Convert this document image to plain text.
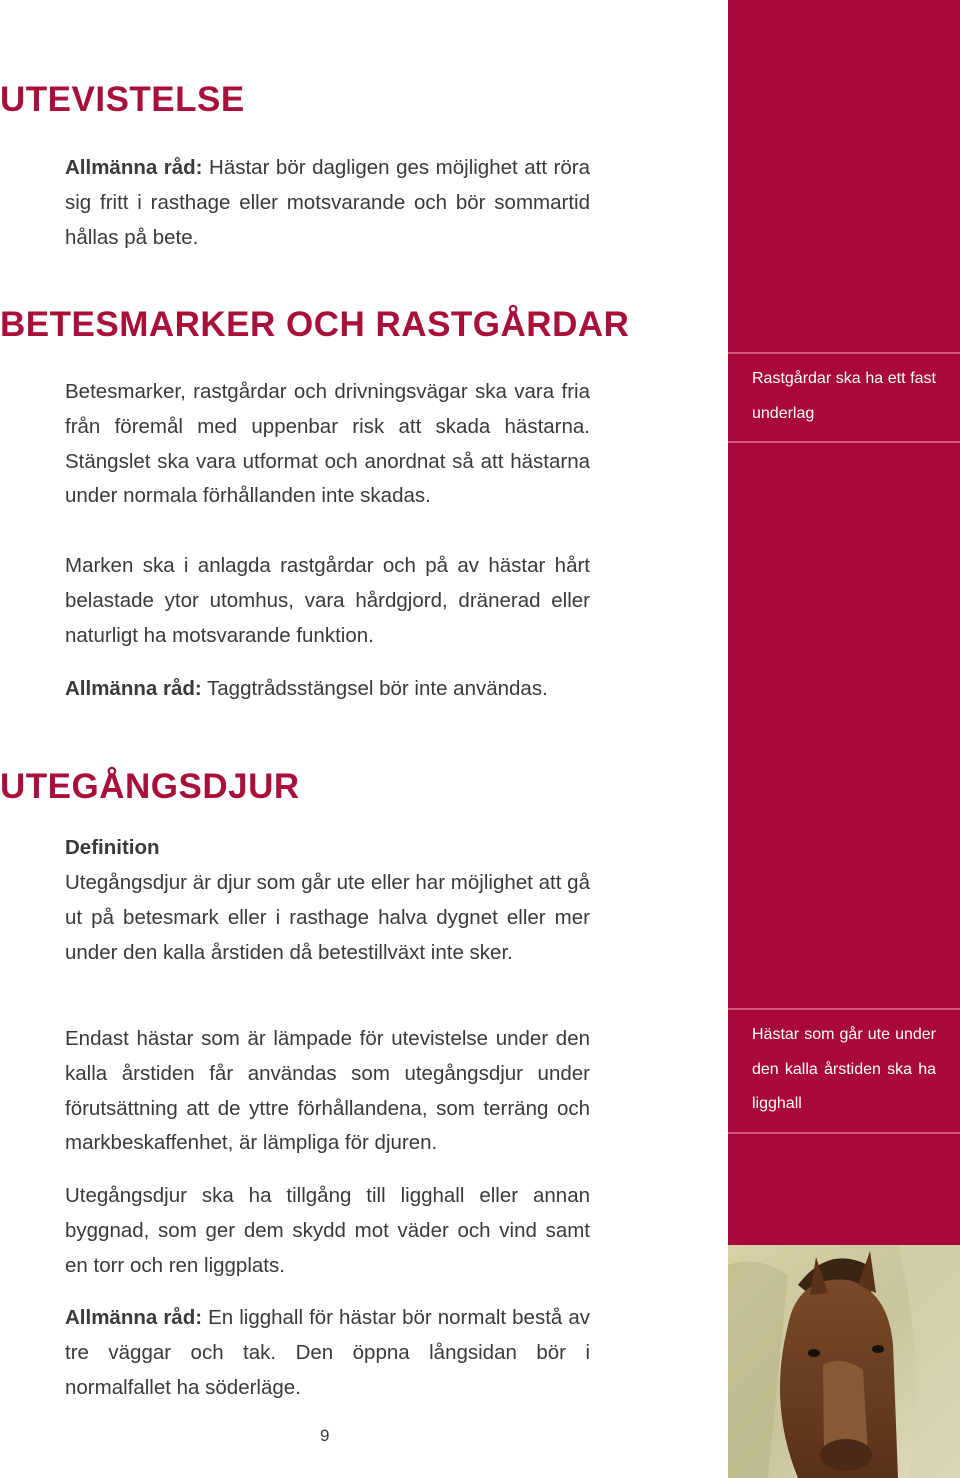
UTEVISTELSE
Allmänna råd: Hästar bör dagligen ges möjlighet att röra sig fritt i rasthage eller motsvarande och bör sommartid hållas på bete.
BETESMARKER OCH RASTGÅRDAR
Betesmarker, rastgårdar och drivningsvägar ska vara fria från föremål med uppenbar risk att skada hästarna. Stängslet ska vara utformat och anordnat så att hästarna under normala förhållanden inte skadas.
Marken ska i anlagda rastgårdar och på av hästar hårt belastade ytor utomhus, vara hårdgjord, dränerad eller naturligt ha motsvarande funktion.
Allmänna råd: Taggtrådsstängsel bör inte användas.
UTEGÅNGSDJUR
Definition
Utegångsdjur är djur som går ute eller har möjlighet att gå ut på betesmark eller i rasthage halva dygnet eller mer under den kalla årstiden då betestillväxt inte sker.
Endast hästar som är lämpade för utevistelse under den kalla årstiden får användas som utegångsdjur under förutsättning att de yttre förhållandena, som terräng och markbeskaffenhet, är lämpliga för djuren.
Utegångsdjur ska ha tillgång till ligghall eller annan byggnad, som ger dem skydd mot väder och vind samt en torr och ren liggplats.
Allmänna råd: En ligghall för hästar bör normalt bestå av tre väggar och tak. Den öppna långsidan bör i normalfallet ha söderläge.
9
Rastgårdar ska ha ett fast underlag
Hästar som går ute under den kalla årstiden ska ha ligghall
